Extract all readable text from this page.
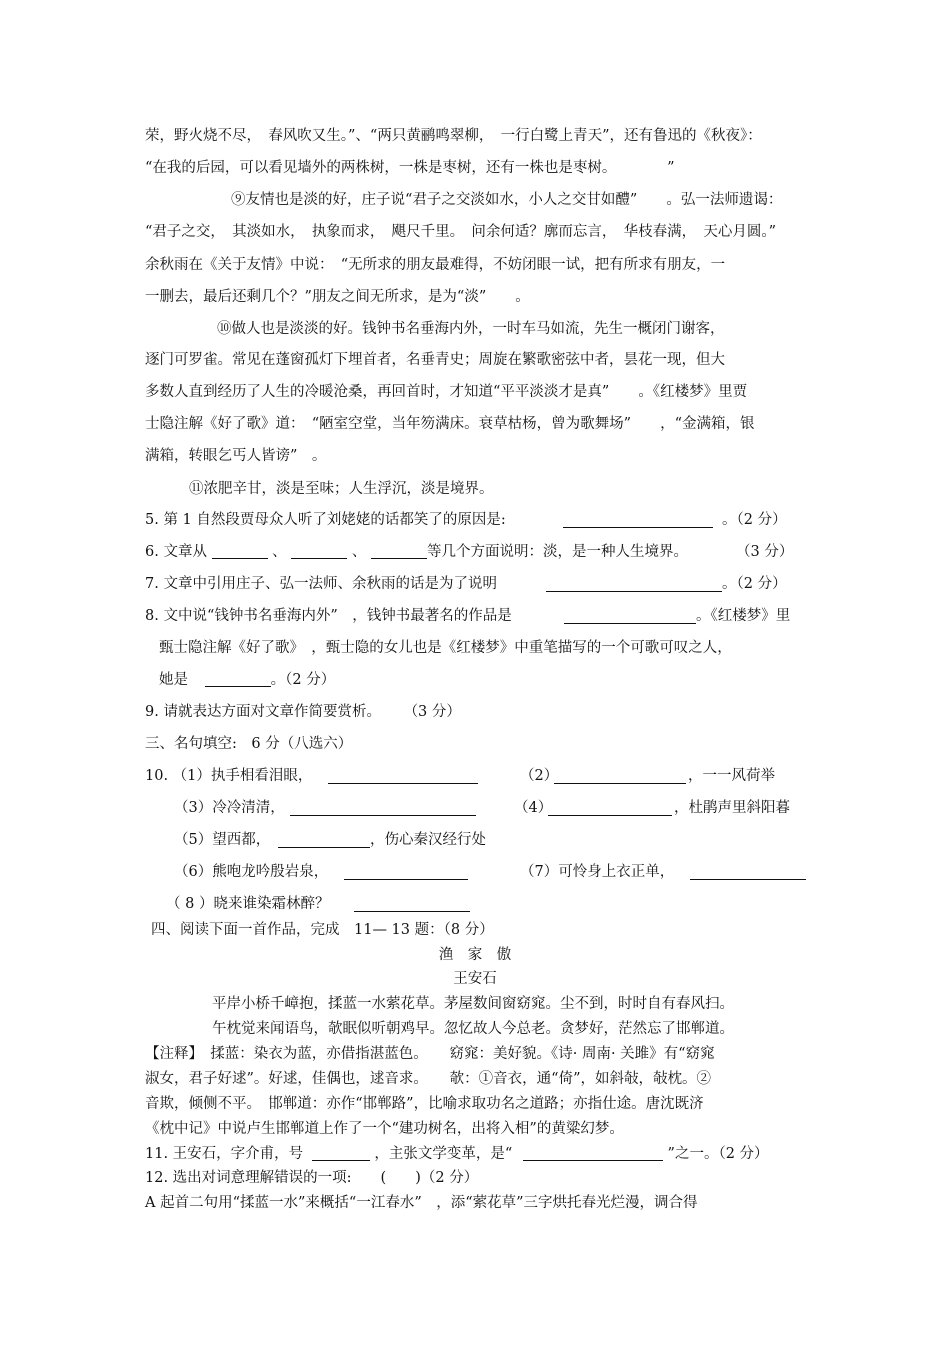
荣，野火烧不尽，　春风吹又生。”、“两只黄鹂鸣翠柳，　一行白鹭上青天”，还有鲁迅的《秋夜》：
“在我的后园，可以看见墙外的两株树，一株是枣树，还有一株也是枣树。　　　　”
⑨友情也是淡的好，庄子说“君子之交淡如水，小人之交甘如醴”　　。弘一法师遗谒：
“君子之交，　其淡如水，　执象而求，　飓尺千里。　问余何适？廓而忘言，　华枝春满，　天心月圆。”
余秋雨在《关于友情》中说：　“无所求的朋友最难得，不妨闭眼一试，把有所求有朋友，一
一删去，最后还剩几个？”朋友之间无所求，是为“淡”　　。
⑩做人也是淡淡的好。钱钟书名垂海内外，一时车马如流，先生一概闭门谢客，
逐门可罗雀。常见在蓬窗孤灯下埋首者，名垂青史；周旋在繁歌密弦中者，昙花一现，但大
多数人直到经历了人生的冷暖沧桑，再回首时，才知道“平平淡淡才是真”　　。《红楼梦》里贾
士隐注解《好了歌》道：　“陋室空堂，当年笏满床。衰草枯杨，曾为歌舞场”　　，“金满箱，银
满箱，转眼乞丐人皆谤”　。
⑪浓肥辛甘，淡是至味；人生浮沉，淡是境界。
5. 第 1 自然段贾母众人听了刘姥姥的话都笑了的原因是:	。（2 分）
6. 文章从	、	、	等几个方面说明：淡，是一种人生境界。	（3 分）
7. 文章中引用庄子、弘一法师、余秋雨的话是为了说明	。（2 分）
8. 文中说“钱钟书名垂海内外”　，钱钟书最著名的作品是	。《红楼梦》里
甄士隐注解《好了歌》　，甄士隐的女儿也是《红楼梦》中重笔描写的一个可歌可叹之人，
她是	。（2 分）
9. 请就表达方面对文章作简要赏析。 （3 分）
三、名句填空:　6 分（八选六）
10. （1）执手相看泪眼，	（2）	，一一风荷举
（3）冷冷清清，	（4）	，杜鹃声里斜阳暮
（5）望西都，	，伤心秦汉经行处
（6）熊咆龙吟殷岩泉，	（7）可怜身上衣正单，
（ 8 ）晓来谁染霜林醉？
四、阅读下面一首作品，完成　11— 13 题：（8 分）
渔　家　傲
王安石
平岸小桥千嶂抱，揉蓝一水萦花草。茅屋数间窗窈窕。尘不到，时时自有春风扫。
午枕觉来闻语鸟，欹眠似听朝鸡早。忽忆故人今总老。贪梦好，茫然忘了邯郸道。
【注释】　揉蓝：染衣为蓝，亦借指湛蓝色。　　窈窕：美好貌。《诗· 周南· 关雎》有“窈窕
淑女，君子好逑”。好逑，佳偶也，逑音求。　　欹：①音衣，通“倚”，如斜敧，敧枕。②
音欺，倾侧不平。　邯郸道：亦作“邯郸路”，比喻求取功名之道路；亦指仕途。唐沈既济
《枕中记》中说卢生邯郸道上作了一个“建功树名，出将入相”的黄粱幻梦。
11. 王安石，字介甫，号	，主张文学变革，是“	”之一。（2 分）
12. 选出对词意理解错误的一项:　　(　　)（2 分）
A 起首二句用“揉蓝一水”来概括“一江春水”　，添“萦花草”三字烘托春光烂漫，调合得
